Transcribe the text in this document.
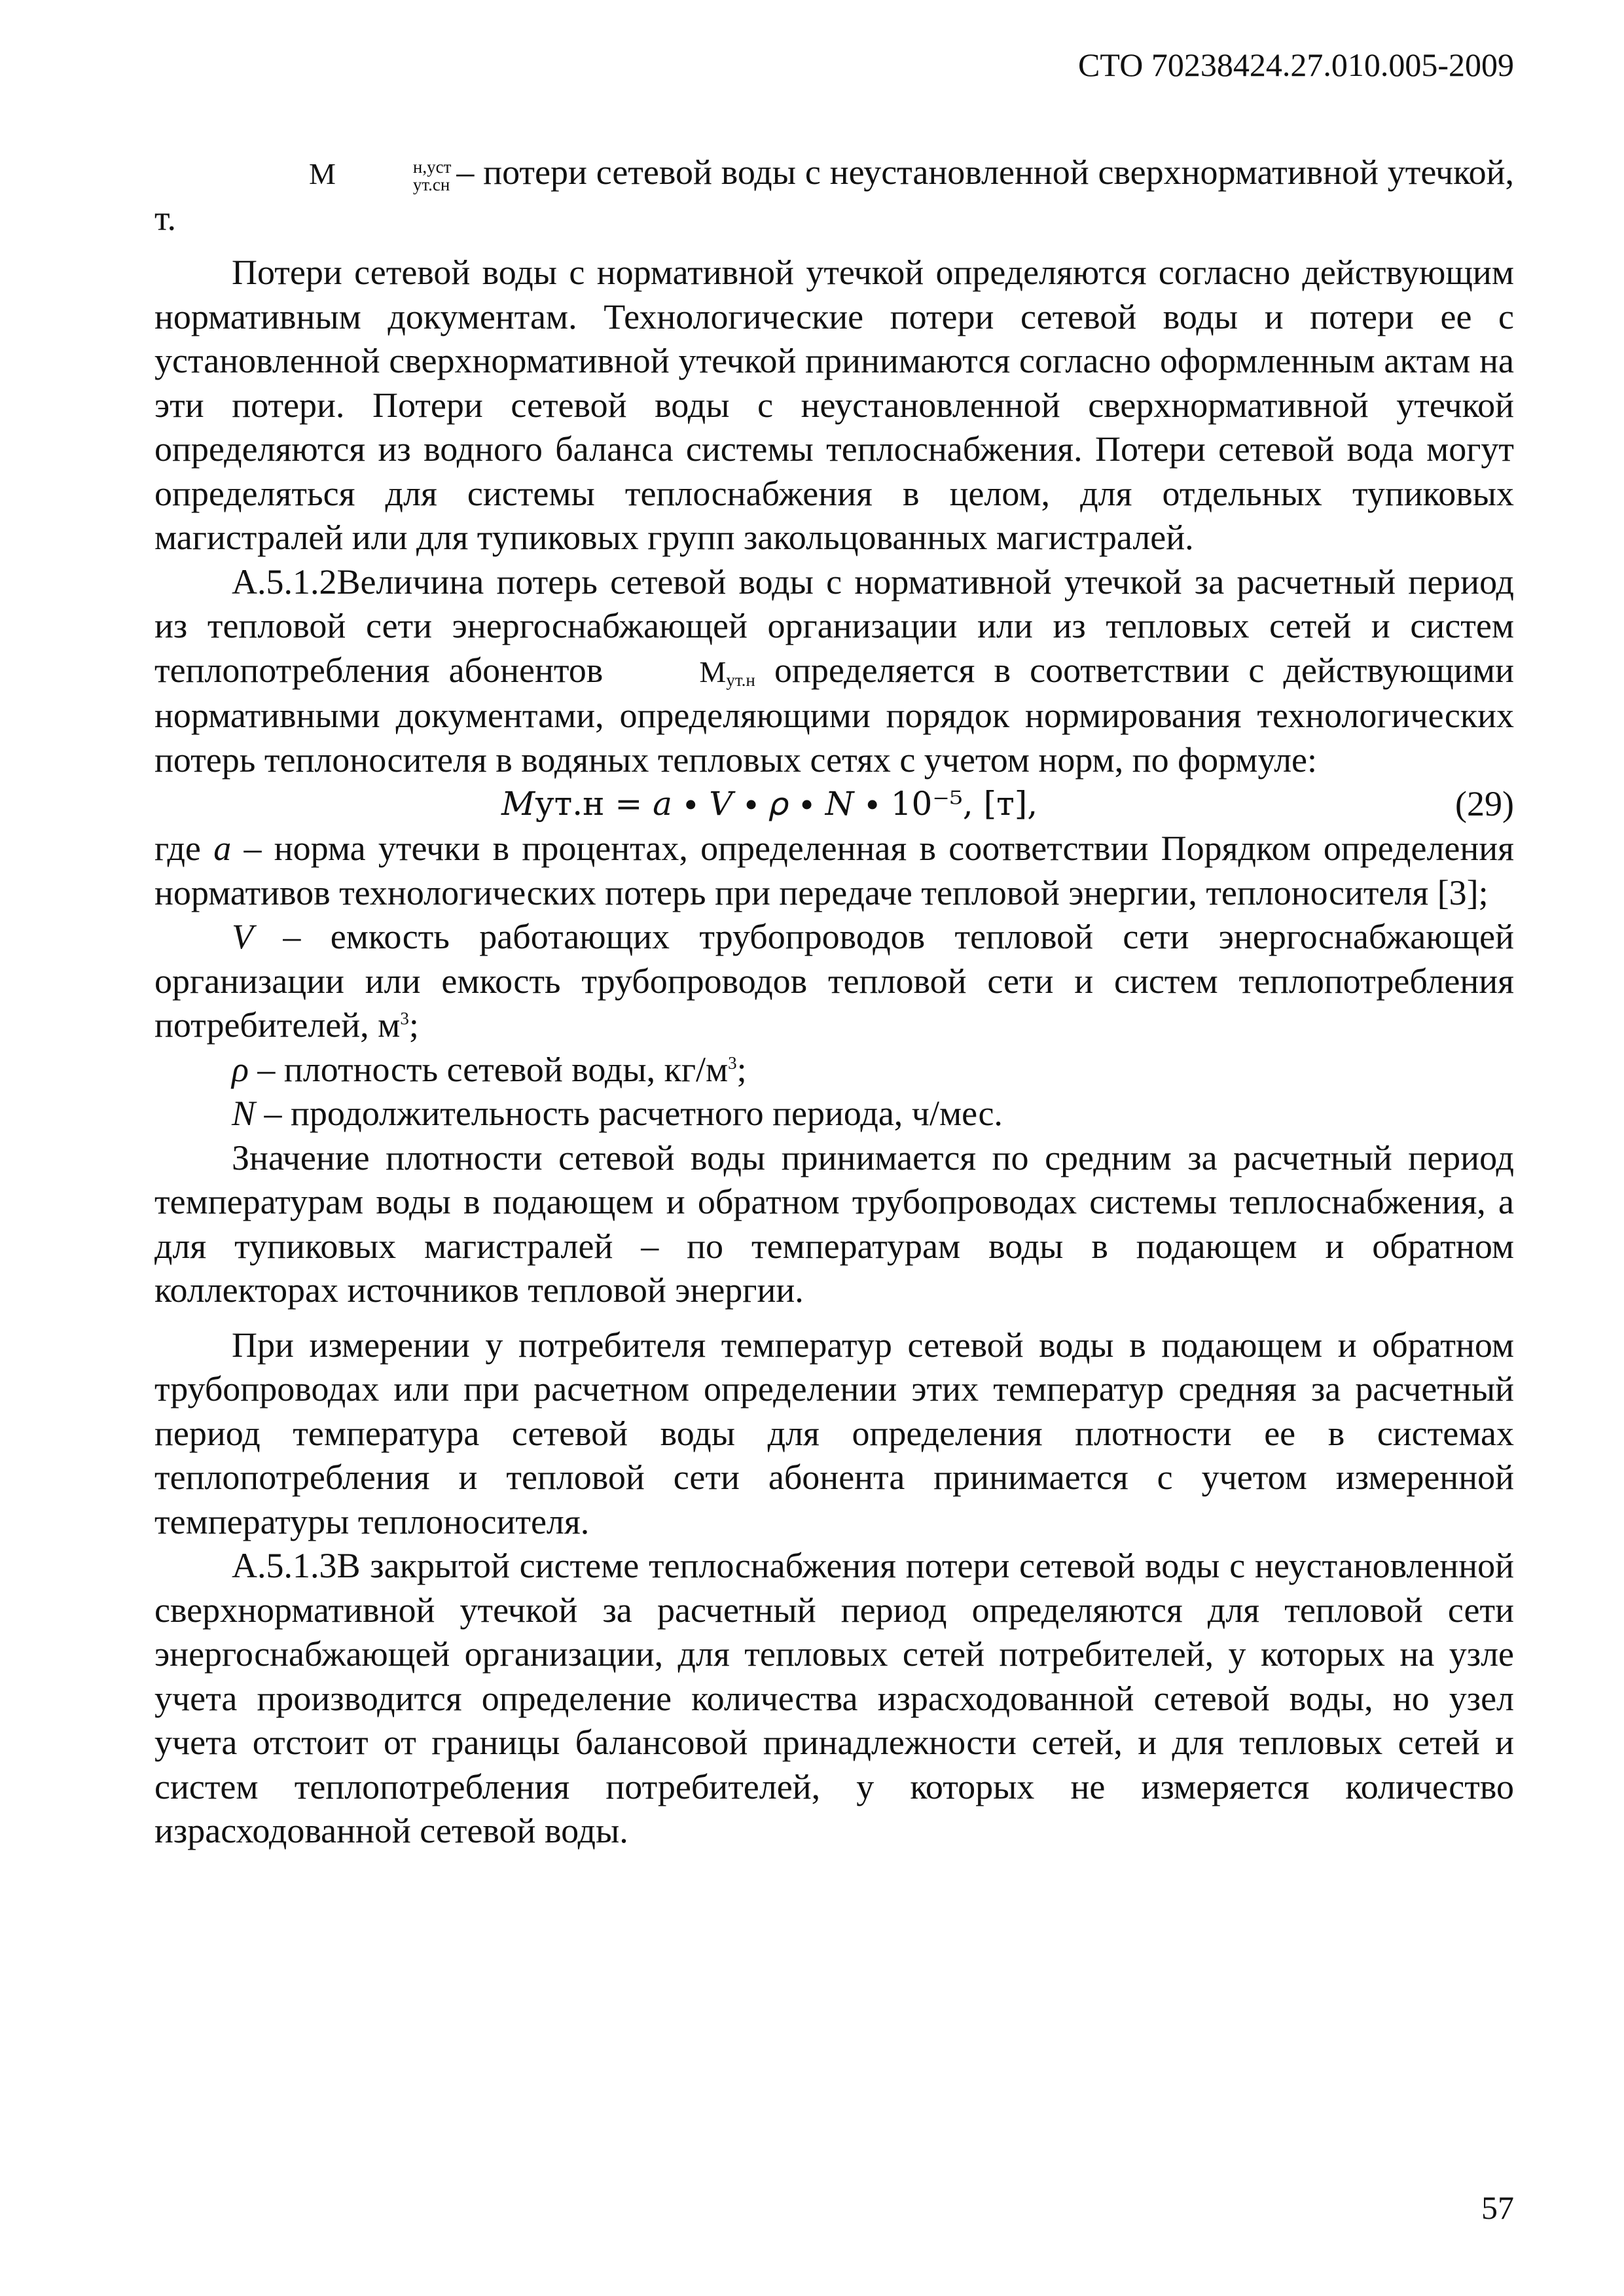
СТО 70238424.27.010.005-2009

М	н,уст
ут.сн – потери сетевой воды с неустановленной сверхнормативной утечкой, т.

Потери сетевой воды с нормативной утечкой определяются согласно действующим нормативным документам. Технологические потери сетевой воды и потери ее с установленной сверхнормативной утечкой принимаются согласно оформленным актам на эти потери. Потери сетевой воды с неустановленной сверхнормативной утечкой определяются из водного баланса системы теплоснабжения. Потери сетевой вода могут определяться для системы теплоснабжения в целом, для отдельных тупиковых магистралей или для тупиковых групп закольцованных магистралей.

А.5.1.2Величина потерь сетевой воды с нормативной утечкой за расчетный период из тепловой сети энергоснабжающей организации или из тепловых сетей и систем теплопотребления абонентов	$М_{ут.н}$ определяется в соответствии с действующими нормативными документами, определяющими порядок нормирования технологических потерь теплоносителя в водяных тепловых сетях с учетом норм, по формуле:

𝑀ут.н = 𝑎 ∙ 𝑉 ∙ 𝜌 ∙ 𝑁 ∙ 10⁻⁵, [т],	(29)

где a – норма утечки в процентах, определенная в соответствии Порядком определения нормативов технологических потерь при передаче тепловой энергии, теплоносителя [3];

V – емкость работающих трубопроводов тепловой сети энергоснабжающей организации или емкость трубопроводов тепловой сети и систем теплопотребления потребителей, $м^3$;

ρ – плотность сетевой воды, $кг/м^3$;

N – продолжительность расчетного периода, ч/мес.

Значение плотности сетевой воды принимается по средним за расчетный период температурам воды в подающем и обратном трубопроводах системы теплоснабжения, а для тупиковых магистралей – по температурам воды в подающем и обратном коллекторах источников тепловой энергии.

При измерении у потребителя температур сетевой воды в подающем и обратном трубопроводах или при расчетном определении этих температур средняя за расчетный период температура сетевой воды для определения плотности ее в системах теплопотребления и тепловой сети абонента принимается с учетом измеренной температуры теплоносителя.

А.5.1.3В закрытой системе теплоснабжения потери сетевой воды с неустановленной сверхнормативной утечкой за расчетный период определяются для тепловой сети энергоснабжающей организации, для тепловых сетей потребителей, у которых на узле учета производится определение количества израсходованной сетевой воды, но узел учета отстоит от границы балансовой принадлежности сетей, и для тепловых сетей и систем теплопотребления потребителей, у которых не измеряется количество израсходованной сетевой воды.

57
